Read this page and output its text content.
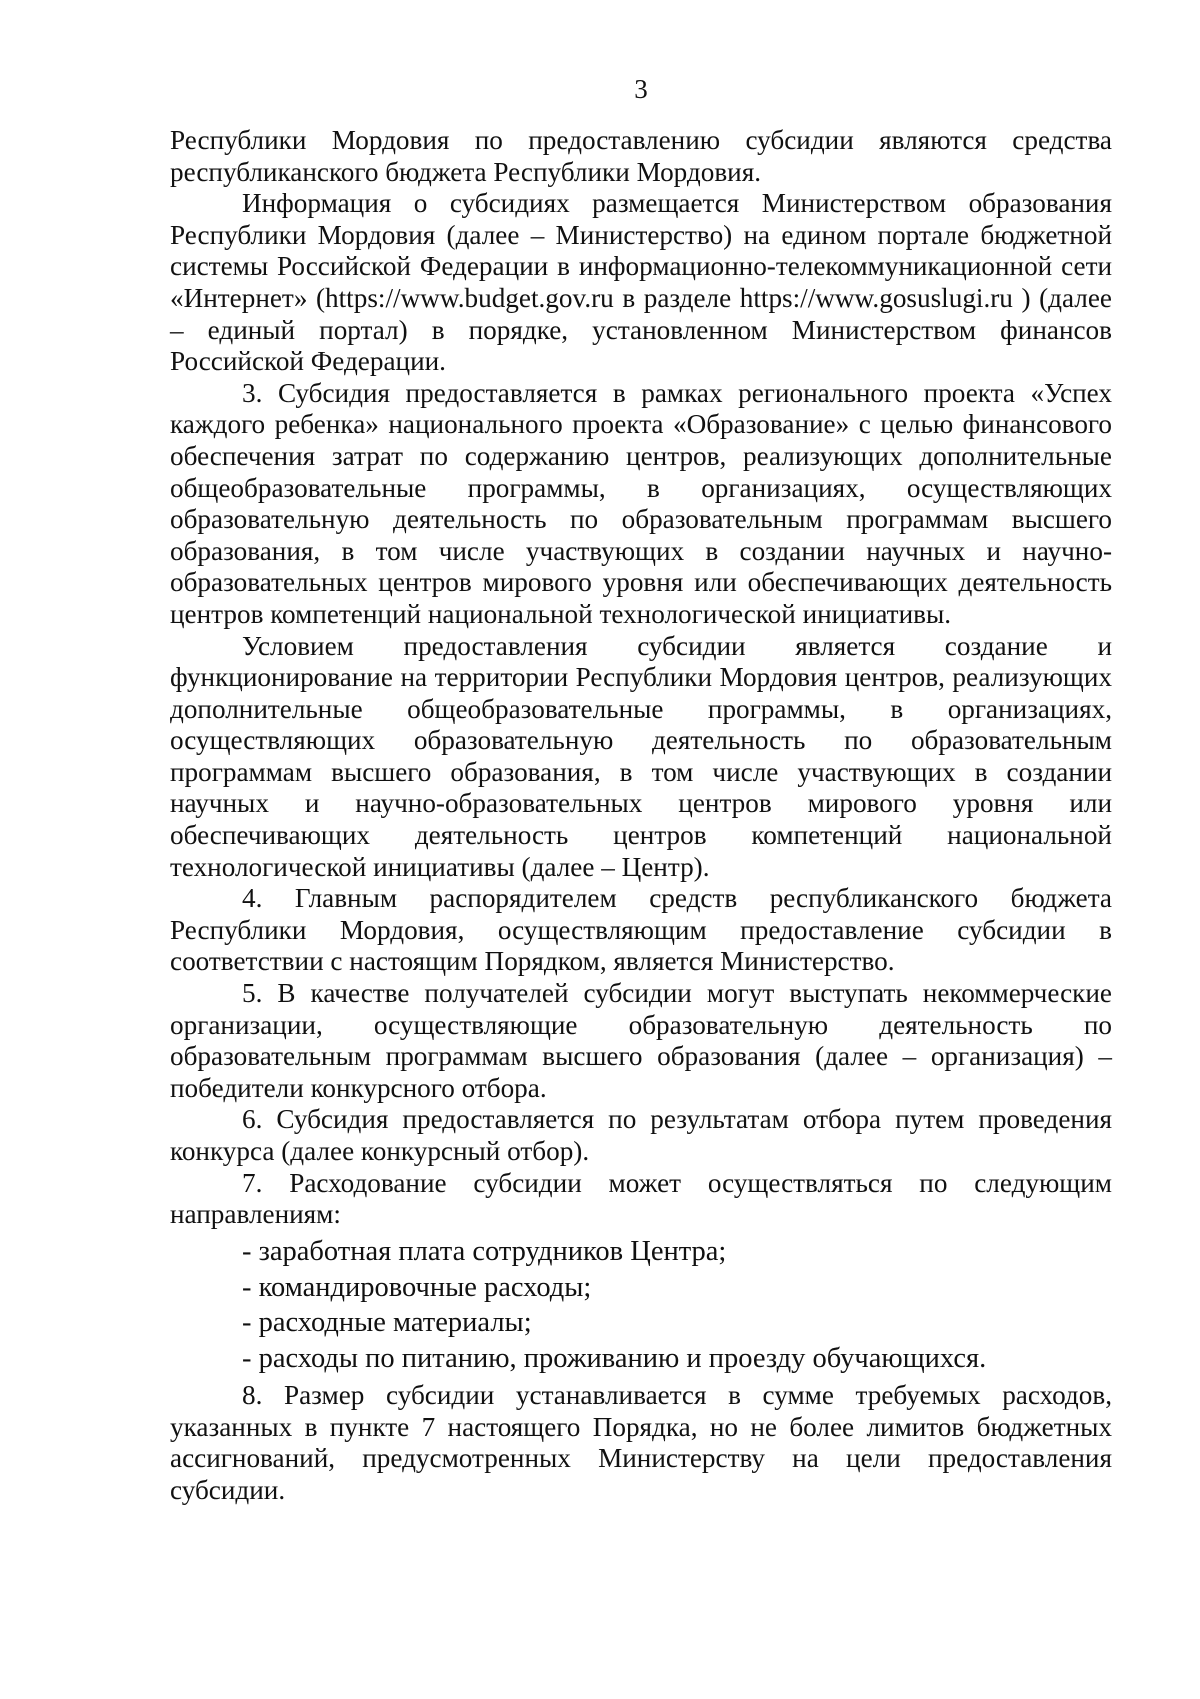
3

Республики Мордовия по предоставлению субсидии являются средства республиканского бюджета Республики Мордовия.

Информация о субсидиях размещается Министерством образования Республики Мордовия (далее – Министерство) на едином портале бюджетной системы Российской Федерации в информационно-телекоммуникационной сети «Интернет» (https://www.budget.gov.ru в разделе https://www.gosuslugi.ru ) (далее – единый портал) в порядке, установленном Министерством финансов Российской Федерации.

3. Субсидия предоставляется в рамках регионального проекта «Успех каждого ребенка» национального проекта «Образование» с целью финансового обеспечения затрат по содержанию центров, реализующих дополнительные общеобразовательные программы, в организациях, осуществляющих образовательную деятельность по образовательным программам высшего образования, в том числе участвующих в создании научных и научно-образовательных центров мирового уровня или обеспечивающих деятельность центров компетенций национальной технологической инициативы.

Условием предоставления субсидии является создание и функционирование на территории Республики Мордовия центров, реализующих дополнительные общеобразовательные программы, в организациях, осуществляющих образовательную деятельность по образовательным программам высшего образования, в том числе участвующих в создании научных и научно-образовательных центров мирового уровня или обеспечивающих деятельность центров компетенций национальной технологической инициативы (далее – Центр).

4. Главным распорядителем средств республиканского бюджета Республики Мордовия, осуществляющим предоставление субсидии в соответствии с настоящим Порядком, является Министерство.

5. В качестве получателей субсидии могут выступать некоммерческие организации, осуществляющие образовательную деятельность по образовательным программам высшего образования (далее – организация) – победители конкурсного отбора.

6. Субсидия предоставляется по результатам отбора путем проведения конкурса (далее конкурсный отбор).

7. Расходование субсидии может осуществляться по следующим направлениям:

- заработная плата сотрудников Центра;

- командировочные расходы;

- расходные материалы;

- расходы по питанию, проживанию и проезду обучающихся.

8. Размер субсидии устанавливается в сумме требуемых расходов, указанных в пункте 7 настоящего Порядка, но не более лимитов бюджетных ассигнований, предусмотренных Министерству на цели предоставления субсидии.
